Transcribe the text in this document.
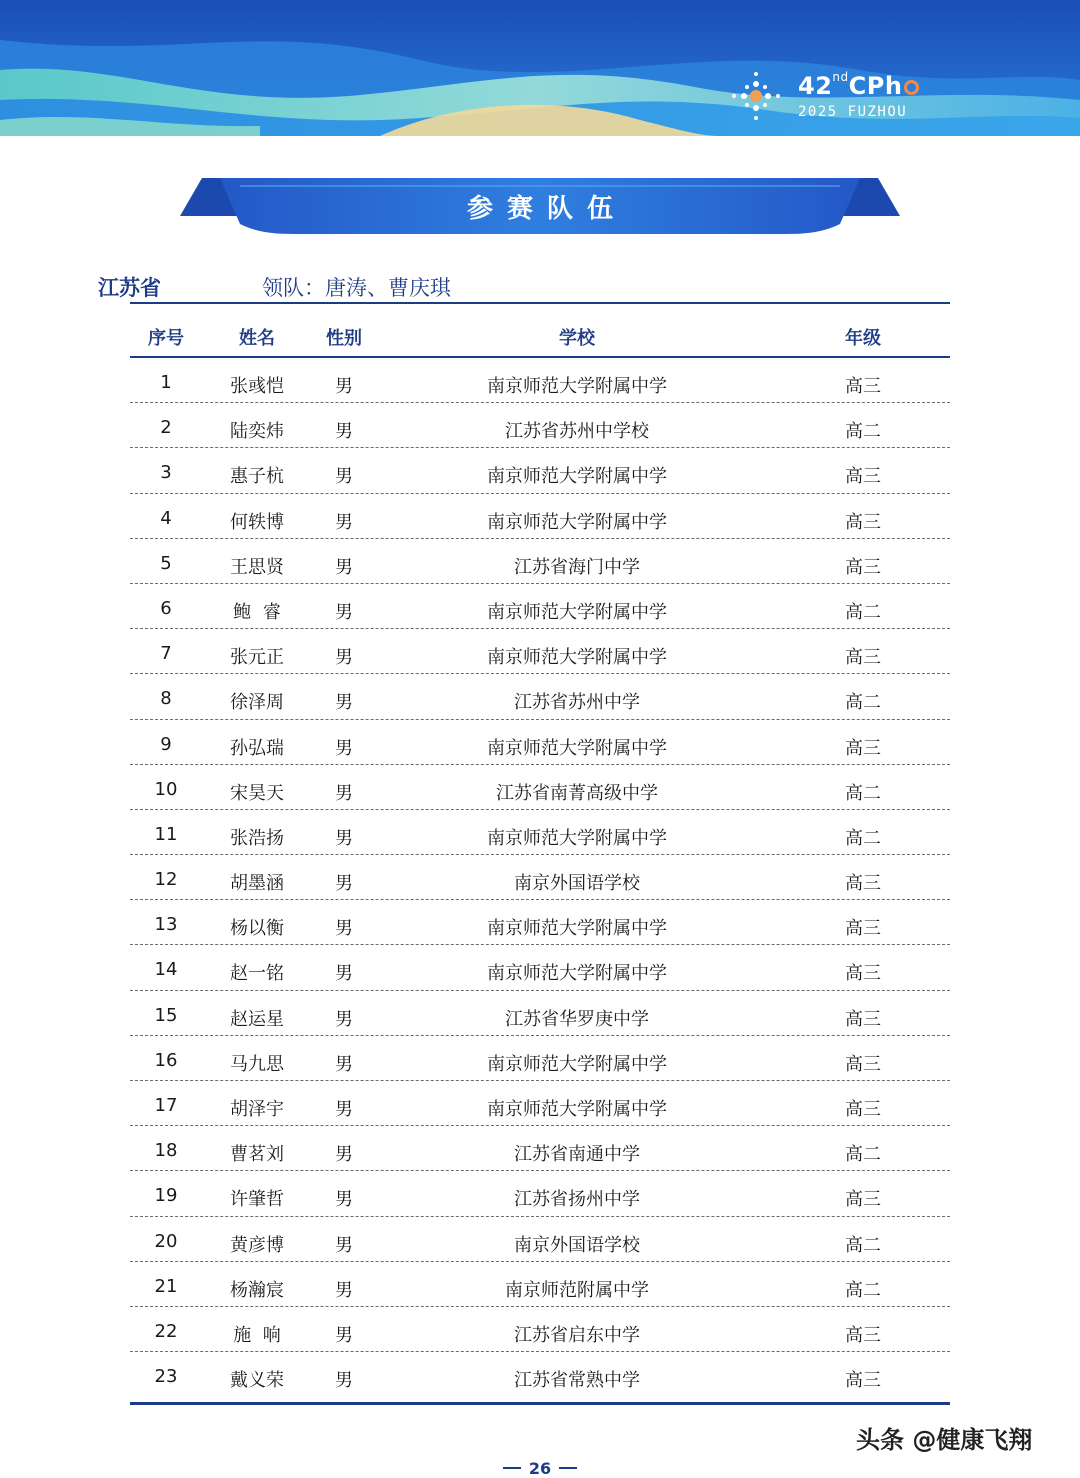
42ndCPh
2025 FUZHOU
参赛队伍
江苏省	领队：唐涛、曹庆琪
序号	姓名	性别	学校	年级
1	张彧恺	男	南京师范大学附属中学	高三
2	陆奕炜	男	江苏省苏州中学校	高二
3	惠子杭	男	南京师范大学附属中学	高三
4	何轶博	男	南京师范大学附属中学	高三
5	王思贤	男	江苏省海门中学	高三
6	鲍  睿	男	南京师范大学附属中学	高二
7	张元正	男	南京师范大学附属中学	高三
8	徐泽周	男	江苏省苏州中学	高二
9	孙弘瑞	男	南京师范大学附属中学	高三
10	宋昊天	男	江苏省南菁高级中学	高二
11	张浩扬	男	南京师范大学附属中学	高二
12	胡墨涵	男	南京外国语学校	高三
13	杨以衡	男	南京师范大学附属中学	高三
14	赵一铭	男	南京师范大学附属中学	高三
15	赵运星	男	江苏省华罗庚中学	高三
16	马九思	男	南京师范大学附属中学	高三
17	胡泽宇	男	南京师范大学附属中学	高三
18	曹茗刘	男	江苏省南通中学	高二
19	许肇哲	男	江苏省扬州中学	高三
20	黄彦博	男	南京外国语学校	高二
21	杨瀚宸	男	南京师范附属中学	高二
22	施  响	男	江苏省启东中学	高三
23	戴义荣	男	江苏省常熟中学	高三
26
头条 @健康飞翔
